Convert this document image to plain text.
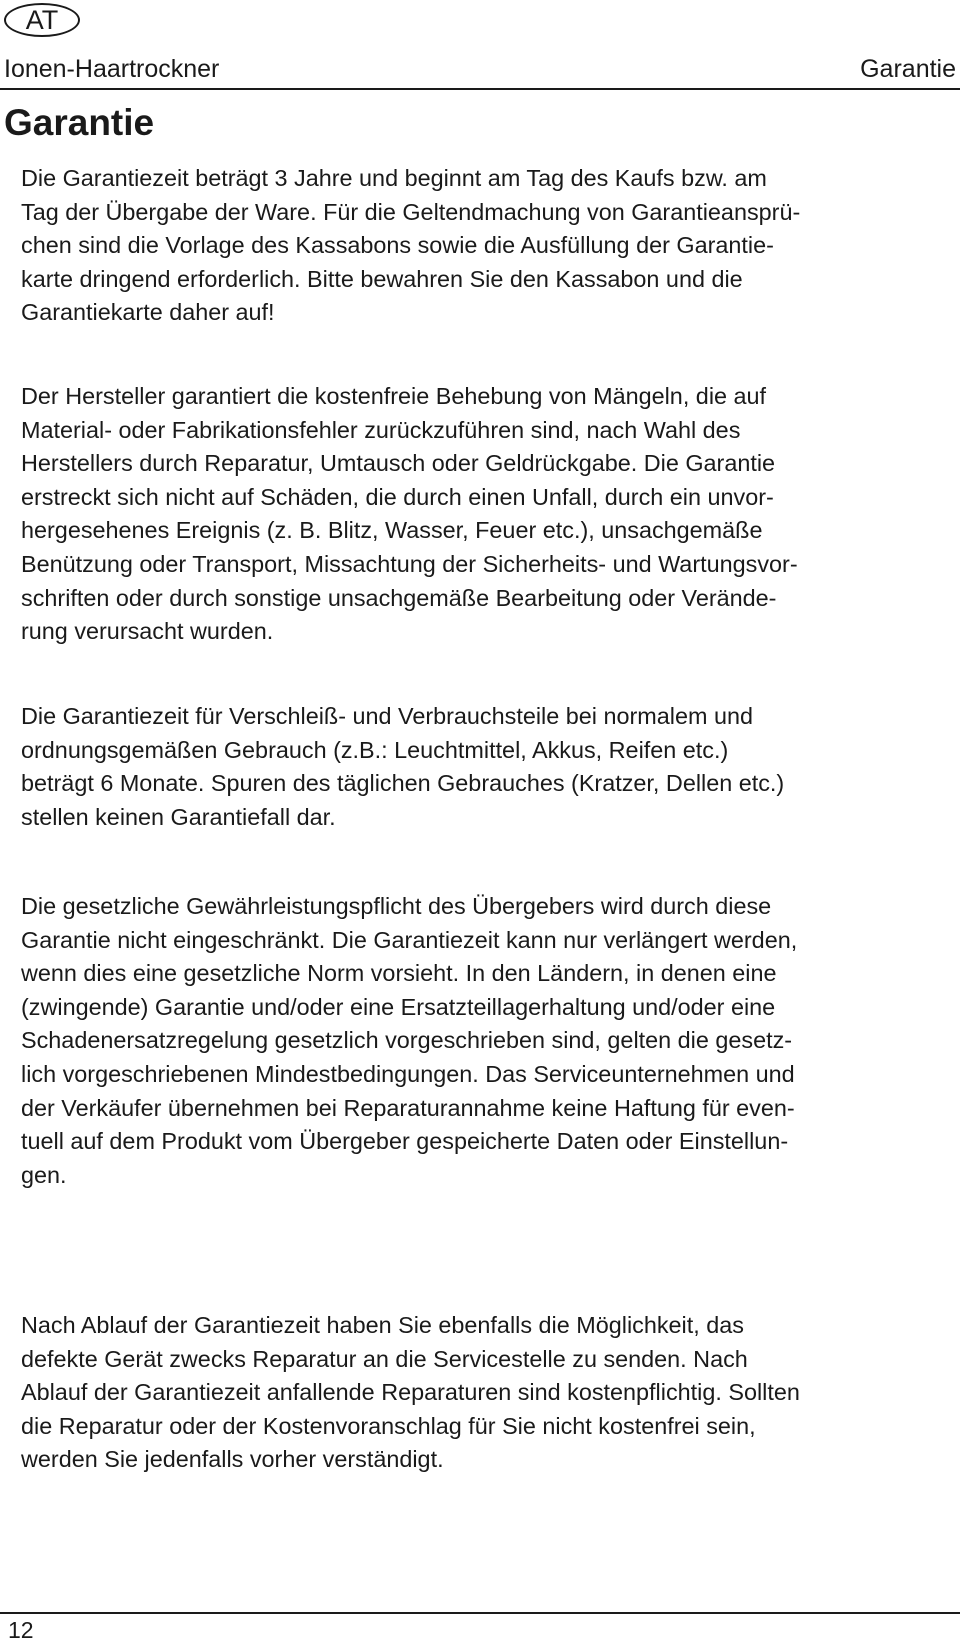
AT
Ionen-Haartrockner	Garantie
Garantie

Die Garantiezeit beträgt 3 Jahre und beginnt am Tag des Kaufs bzw. am
Tag der Übergabe der Ware. Für die Geltendmachung von Garantieansprü-
chen sind die Vorlage des Kassabons sowie die Ausfüllung der Garantie-
karte dringend erforderlich. Bitte bewahren Sie den Kassabon und die
Garantiekarte daher auf!

Der Hersteller garantiert die kostenfreie Behebung von Mängeln, die auf
Material- oder Fabrikationsfehler zurückzuführen sind, nach Wahl des
Herstellers durch Reparatur, Umtausch oder Geldrückgabe. Die Garantie
erstreckt sich nicht auf Schäden, die durch einen Unfall, durch ein unvor-
hergesehenes Ereignis (z. B. Blitz, Wasser, Feuer etc.), unsachgemäße
Benützung oder Transport, Missachtung der Sicherheits- und Wartungsvor-
schriften oder durch sonstige unsachgemäße Bearbeitung oder Verände-
rung verursacht wurden.

Die Garantiezeit für Verschleiß- und Verbrauchsteile bei normalem und
ordnungsgemäßen Gebrauch (z.B.: Leuchtmittel, Akkus, Reifen etc.)
beträgt 6 Monate. Spuren des täglichen Gebrauches (Kratzer, Dellen etc.)
stellen keinen Garantiefall dar.

Die gesetzliche Gewährleistungspflicht des Übergebers wird durch diese
Garantie nicht eingeschränkt. Die Garantiezeit kann nur verlängert werden,
wenn dies eine gesetzliche Norm vorsieht. In den Ländern, in denen eine
(zwingende) Garantie und/oder eine Ersatzteillagerhaltung und/oder eine
Schadenersatzregelung gesetzlich vorgeschrieben sind, gelten die gesetz-
lich vorgeschriebenen Mindestbedingungen. Das Serviceunternehmen und
der Verkäufer übernehmen bei Reparaturannahme keine Haftung für even-
tuell auf dem Produkt vom Übergeber gespeicherte Daten oder Einstellun-
gen.

Nach Ablauf der Garantiezeit haben Sie ebenfalls die Möglichkeit, das
defekte Gerät zwecks Reparatur an die Servicestelle zu senden. Nach
Ablauf der Garantiezeit anfallende Reparaturen sind kostenpflichtig. Sollten
die Reparatur oder der Kostenvoranschlag für Sie nicht kostenfrei sein,
werden Sie jedenfalls vorher verständigt.

12
